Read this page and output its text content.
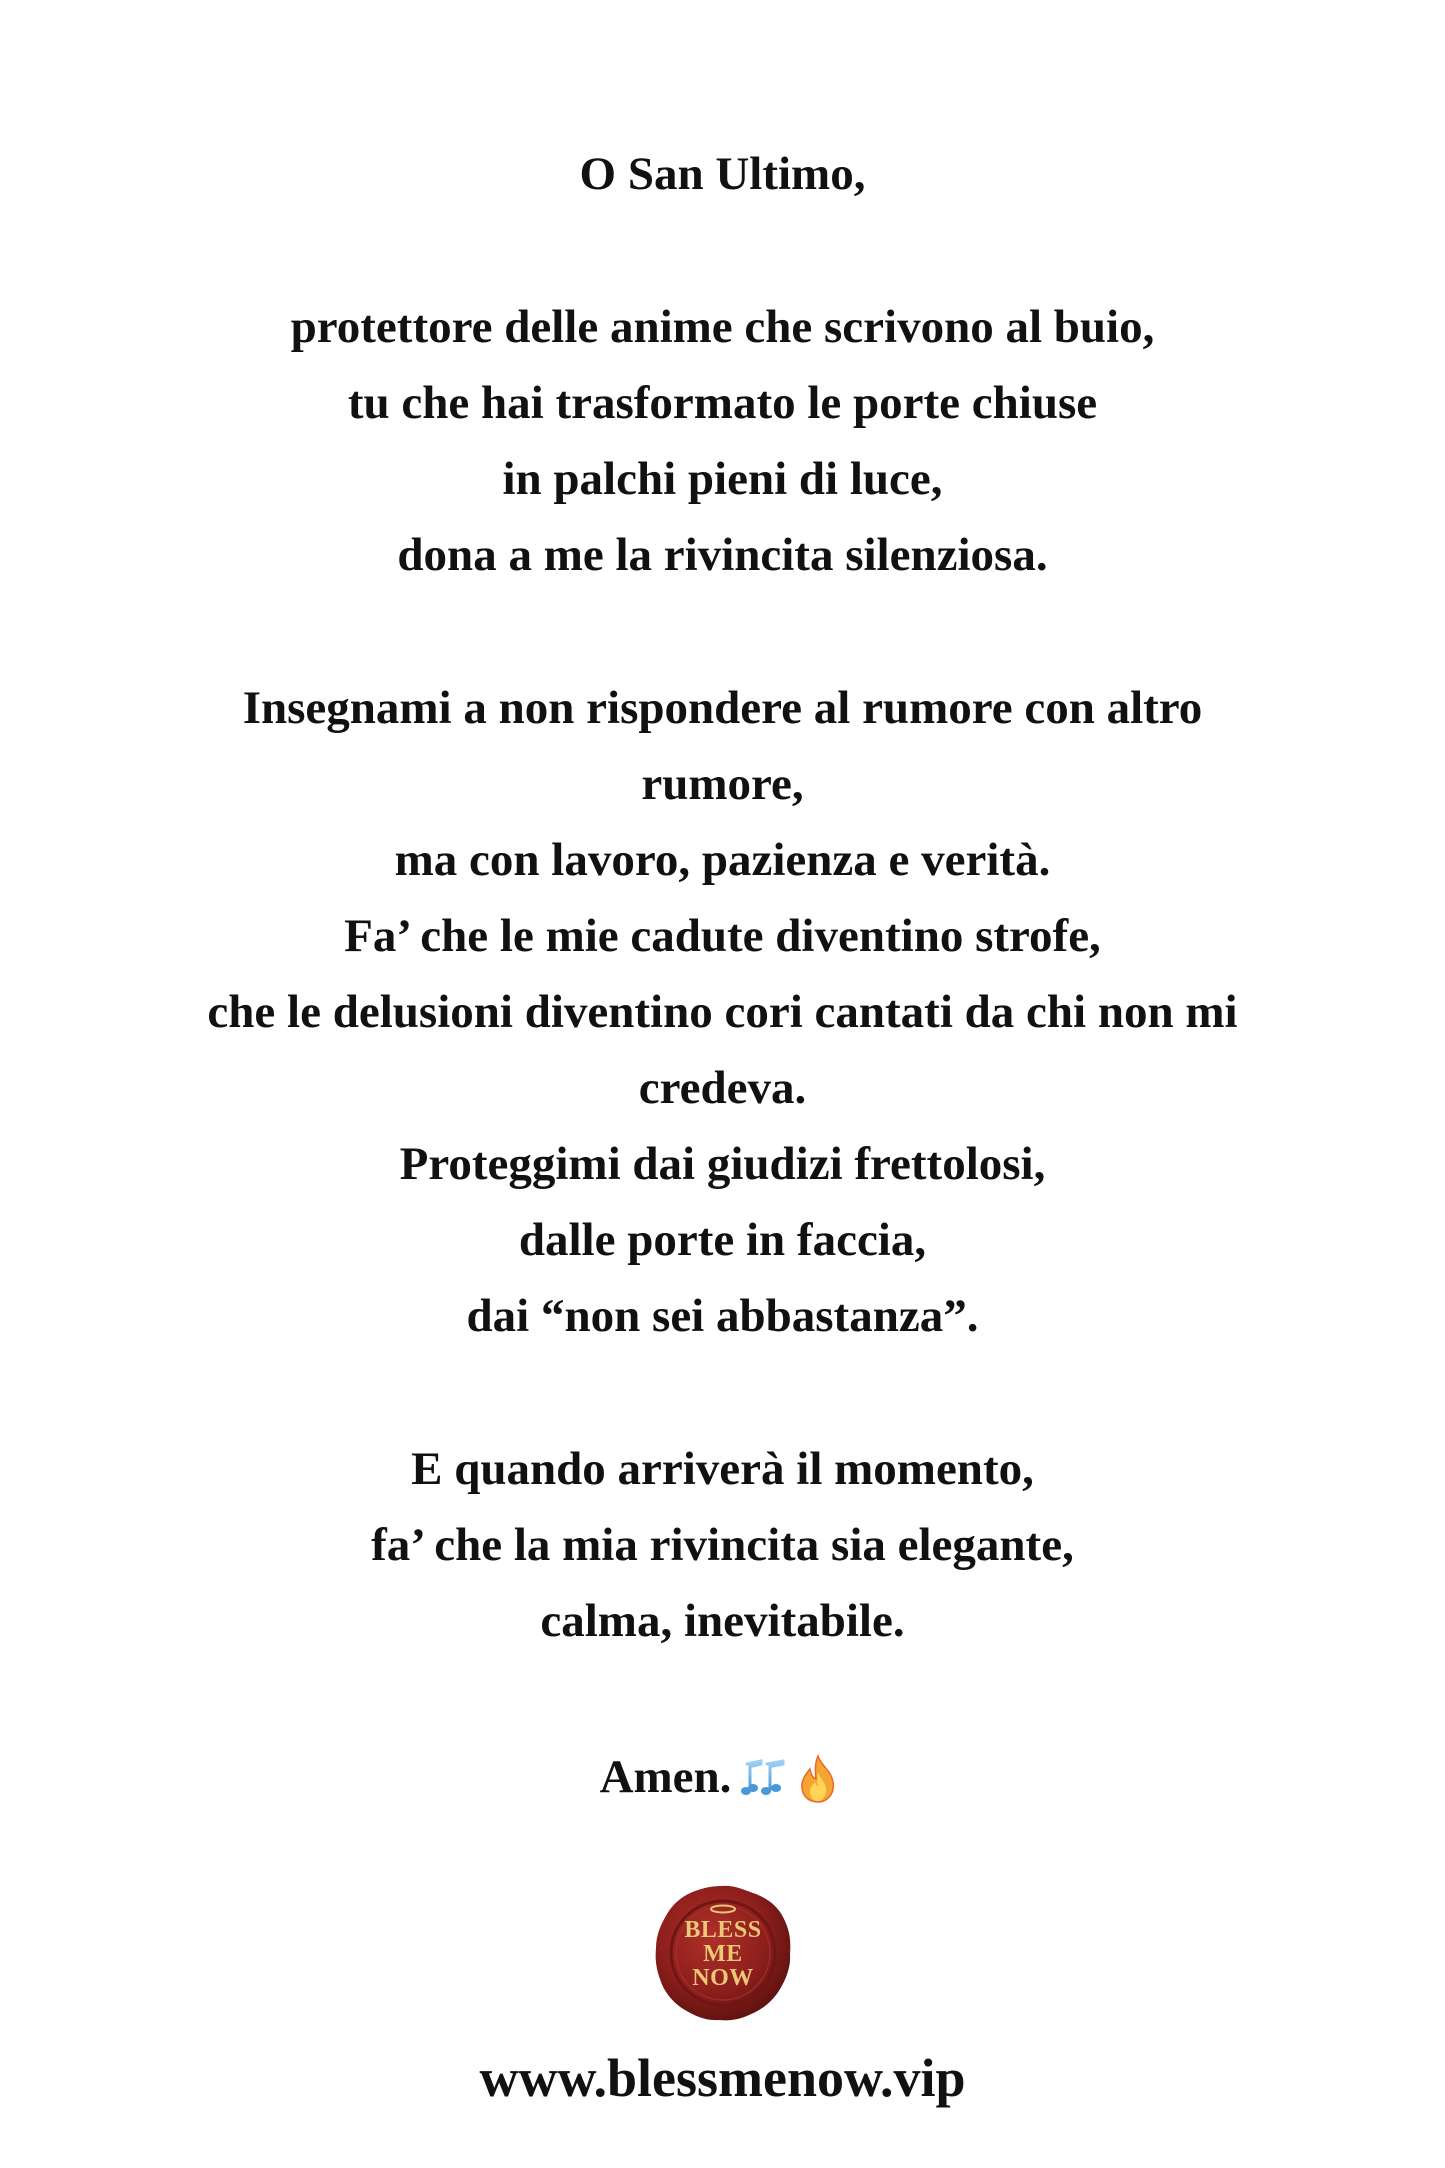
O San Ultimo,
protettore delle anime che scrivono al buio,
tu che hai trasformato le porte chiuse
in palchi pieni di luce,
dona a me la rivincita silenziosa.
Insegnami a non rispondere al rumore con altro
rumore,
ma con lavoro, pazienza e verità.
Fa’ che le mie cadute diventino strofe,
che le delusioni diventino cori cantati da chi non mi
credeva.
Proteggimi dai giudizi frettolosi,
dalle porte in faccia,
dai “non sei abbastanza”.
E quando arriverà il momento,
fa’ che la mia rivincita sia elegante,
calma, inevitabile.
Amen.
BLESS
ME
NOW
www.blessmenow.vip
